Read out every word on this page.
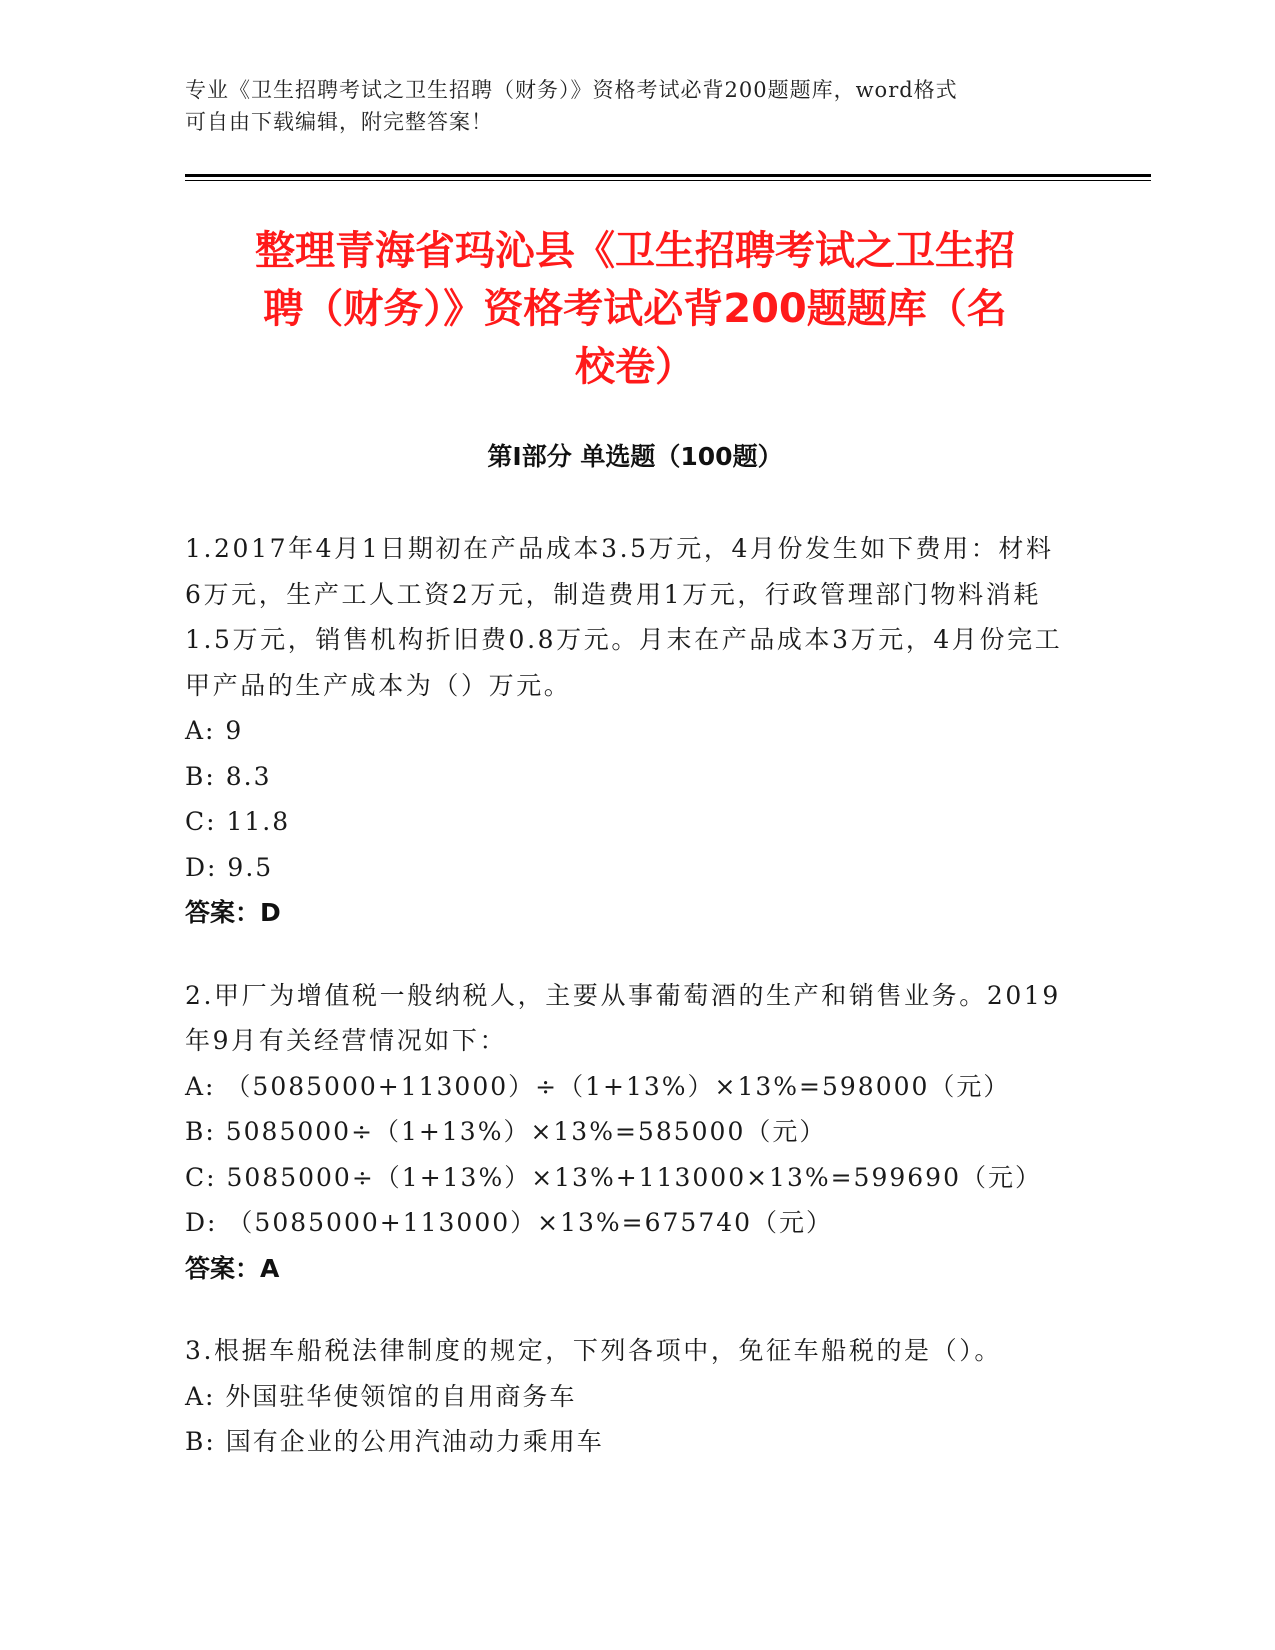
专业《卫生招聘考试之卫生招聘（财务）》资格考试必背200题题库，word格式
可自由下载编辑，附完整答案！
整理青海省玛沁县《卫生招聘考试之卫生招
聘（财务）》资格考试必背200题题库（名
校卷）
第Ⅰ部分 单选题（100题）
1.2017年4月1日期初在产品成本3.5万元，4月份发生如下费用：材料6万元，生产工人工资2万元，制造费用1万元，行政管理部门物料消耗1.5万元，销售机构折旧费0.8万元。月末在产品成本3万元，4月份完工甲产品的生产成本为（）万元。
A: 9
B: 8.3
C: 11.8
D: 9.5
答案：D
2.甲厂为增值税一般纳税人，主要从事葡萄酒的生产和销售业务。2019年9月有关经营情况如下：
A: （5085000+113000）÷（1+13%）×13%=598000（元）
B: 5085000÷（1+13%）×13%=585000（元）
C: 5085000÷（1+13%）×13%+113000×13%=599690（元）
D: （5085000+113000）×13%=675740（元）
答案：A
3.根据车船税法律制度的规定，下列各项中，免征车船税的是（）。
A: 外国驻华使领馆的自用商务车
B: 国有企业的公用汽油动力乘用车
